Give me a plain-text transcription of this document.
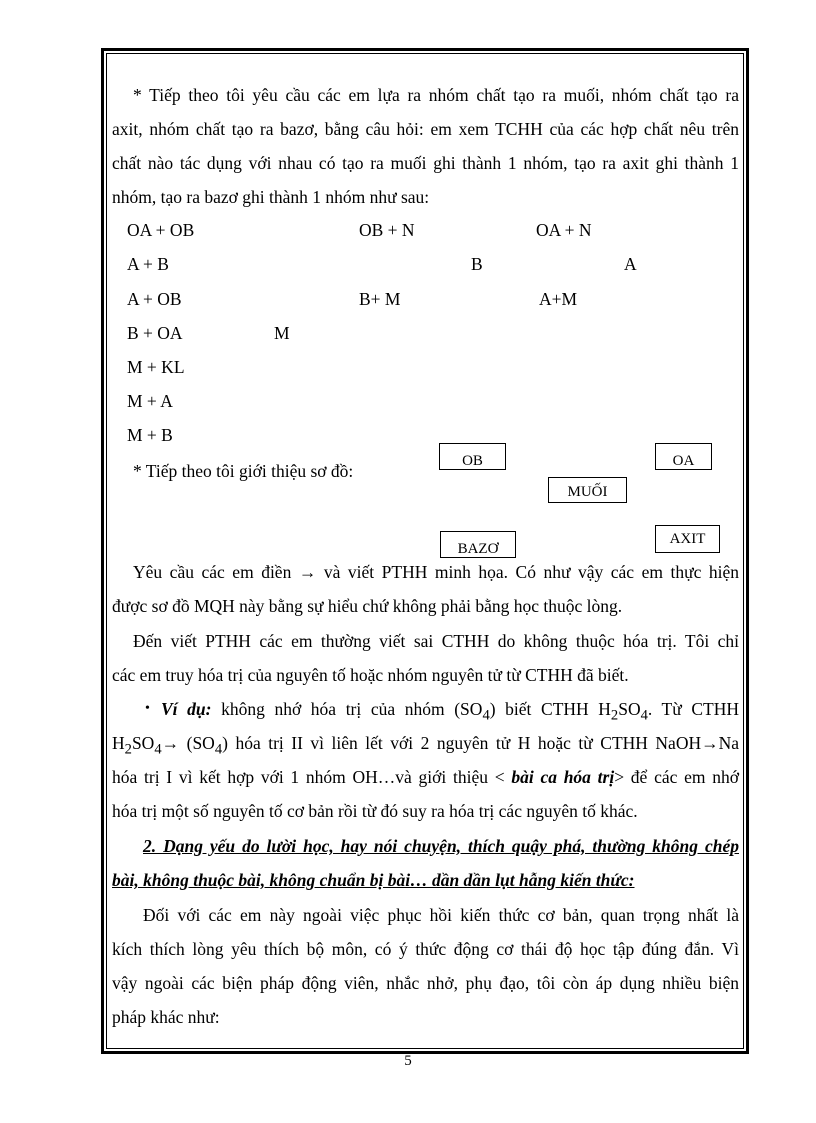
* Tiếp theo tôi yêu cầu các em lựa ra nhóm chất tạo ra muối, nhóm chất tạo ra
axit, nhóm chất tạo ra bazơ, bằng câu hỏi: em xem TCHH của các hợp chất nêu trên
chất nào tác dụng với nhau có tạo ra muối ghi thành 1 nhóm, tạo ra axit ghi thành 1
nhóm, tạo ra bazơ ghi thành 1 nhóm như sau:
OA + OB	OB + N	OA + N
A + B	B	A
A + OB	B+ M	A+M
B + OA	M
M + KL
M + A
M + B
* Tiếp theo tôi giới thiệu sơ đồ:	OB	OA
MUỐI
BAZƠ
AXIT
Yêu cầu các em điền → và viết PTHH minh họa. Có như vậy các em thực hiện
được sơ đồ MQH này bằng sự hiểu chứ không phải bằng học thuộc lòng.
Đến viết PTHH các em thường viết sai CTHH do không thuộc hóa trị. Tôi chỉ
các em truy hóa trị của nguyên tố hoặc nhóm nguyên tử từ CTHH đã biết.
• Ví dụ: không nhớ hóa trị của nhóm $(SO_4)$ biết CTHH $H_2SO_4$. Từ CTHH
$H_2SO_4\to (SO_4)$ hóa trị II vì liên lết với 2 nguyên tử H hoặc từ CTHH NaOH→Na
hóa trị I vì kết hợp với 1 nhóm OH…và giới thiệu < bài ca hóa trị> để các em nhớ
hóa trị một số nguyên tố cơ bản rồi từ đó suy ra hóa trị các nguyên tố khác.
2. Dạng yếu do lười học, hay nói chuyện, thích quậy phá, thường không chép
bài, không thuộc bài, không chuẩn bị bài… dần dần lụt hẫng kiến thức:
Đối với các em này ngoài việc phục hồi kiến thức cơ bản, quan trọng nhất là
kích thích lòng yêu thích bộ môn, có ý thức động cơ thái độ học tập đúng đắn. Vì
vậy ngoài các biện pháp động viên, nhắc nhở, phụ đạo, tôi còn áp dụng nhiều biện
pháp khác như:
5
